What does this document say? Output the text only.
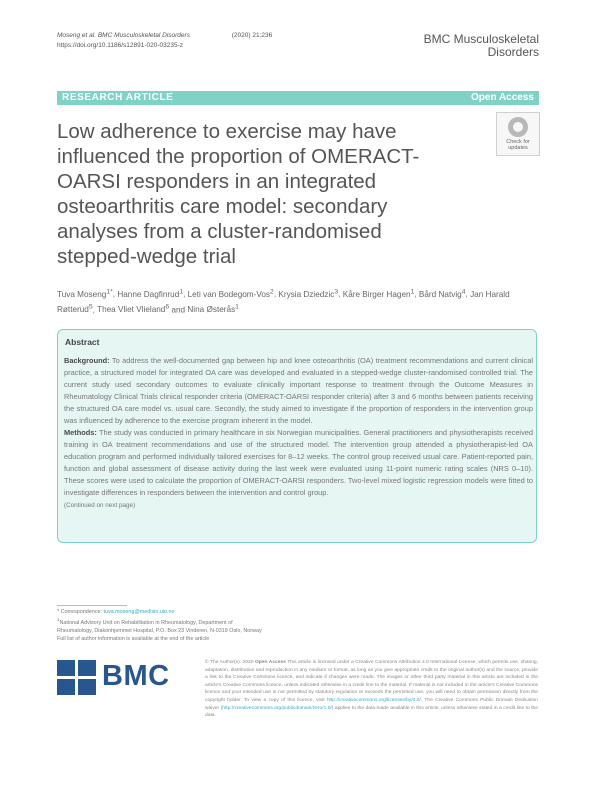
Moseng et al. BMC Musculoskeletal Disorders	(2020) 21:236
https://doi.org/10.1186/s12891-020-03235-z	BMC Musculoskeletal
Disorders
RESEARCH ARTICLE	Open Access
Low adherence to exercise may have influenced the proportion of OMERACT-OARSI responders in an integrated osteoarthritis care model: secondary analyses from a cluster-randomised stepped-wedge trial
Check for
updates
Tuva Moseng$^{1*}$, Hanne Dagfinrud$^1$, Leti van Bodegom-Vos$^2$, Krysia Dziedzic$^3$, Kåre Birger Hagen$^1$, Bård Natvig$^4$, Jan Harald Røtterud$^5$, Thea Vliet Vlieland$^6$ and Nina Østerås$^1$
Abstract

Background: To address the well-documented gap between hip and knee osteoarthritis (OA) treatment recommendations and current clinical practice, a structured model for integrated OA care was developed and evaluated in a stepped-wedge cluster-randomised controlled trial. The current study used secondary outcomes to evaluate clinically important response to treatment through the Outcome Measures in Rheumatology Clinical Trials clinical responder criteria (OMERACT-OARSI responder criteria) after 3 and 6 months between patients receiving the structured OA care model vs. usual care. Secondly, the study aimed to investigate if the proportion of responders in the intervention group was influenced by adherence to the exercise program inherent in the model.

Methods: The study was conducted in primary healthcare in six Norwegian municipalities. General practitioners and physiotherapists received training in OA treatment recommendations and use of the structured model. The intervention group attended a physiotherapist-led OA education program and performed individually tailored exercises for 8–12 weeks. The control group received usual care. Patient-reported pain, function and global assessment of disease activity during the last week were evaluated using 11-point numeric rating scales (NRS 0–10). These scores were used to calculate the proportion of OMERACT-OARSI responders. Two-level mixed logistic regression models were fitted to investigate differences in responders between the intervention and control group.

(Continued on next page)

* Correspondence: tuva.moseng@medisin.uio.no
$^1$National Advisory Unit on Rehabilitation in Rheumatology, Department of Rheumatology, Diakonhjemmet Hospital, P.O. Box 23 Vinderen, N-0319 Oslo, Norway
Full list of author information is available at the end of the article
BMC	© The Author(s). 2020 Open Access This article is licensed under a Creative Commons Attribution 4.0 International License, which permits use, sharing, adaptation, distribution and reproduction in any medium or format, as long as you give appropriate credit to the original author(s) and the source, provide a link to the Creative Commons licence, and indicate if changes were made. The images or other third party material in this article are included in the article's Creative Commons licence, unless indicated otherwise in a credit line to the material. If material is not included in the article's Creative Commons licence and your intended use is not permitted by statutory regulation or exceeds the permitted use, you will need to obtain permission directly from the copyright holder. To view a copy of this licence, visit http://creativecommons.org/licenses/by/4.0/. The Creative Commons Public Domain Dedication waiver (http://creativecommons.org/publicdomain/zero/1.0/) applies to the data made available in this article, unless otherwise stated in a credit line to the data.
